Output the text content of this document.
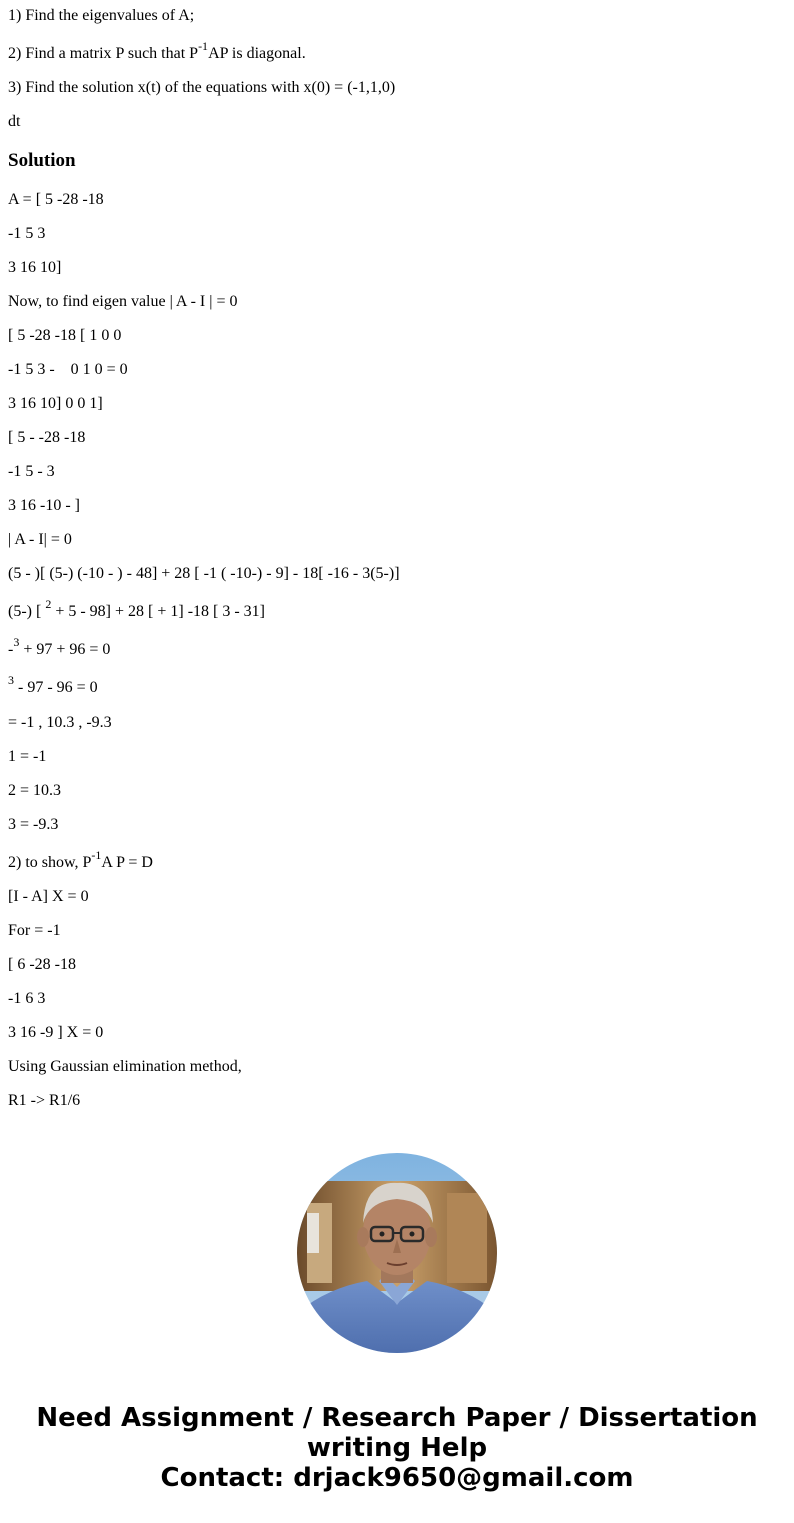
1) Find the eigenvalues of A;
2) Find a matrix P such that $P^{-1}AP$ is diagonal.
3) Find the solution x(t) of the equations with x(0) = (-1,1,0)
dt
Solution
A = [ 5 -28 -18
-1 5 3
3 16 10]
Now, to find eigen value | A - I | = 0
[ 5 -28 -18 [ 1 0 0
-1 5 3 -    0 1 0 = 0
3 16 10] 0 0 1]
[ 5 - -28 -18
-1 5 - 3
3 16 -10 - ]
| A - I| = 0
(5 - )[ (5-) (-10 - ) - 48] + 28 [ -1 ( -10-) - 9] - 18[ -16 - 3(5-)]
(5-) [ $^2$ + 5 - 98] + 28 [ + 1] -18 [ 3 - 31]
-$^3$ + 97 + 96 = 0
$^3$ - 97 - 96 = 0
= -1 , 10.3 , -9.3
1 = -1
2 = 10.3
3 = -9.3
2) to show, $P^{-1}A$ P = D
[I - A] X = 0
For = -1
[ 6 -28 -18
-1 6 3
3 16 -9 ] X = 0
Using Gaussian elimination method,
R1 -> R1/6
Need Assignment / Research Paper / Dissertation
writing Help
Contact: drjack9650@gmail.com
